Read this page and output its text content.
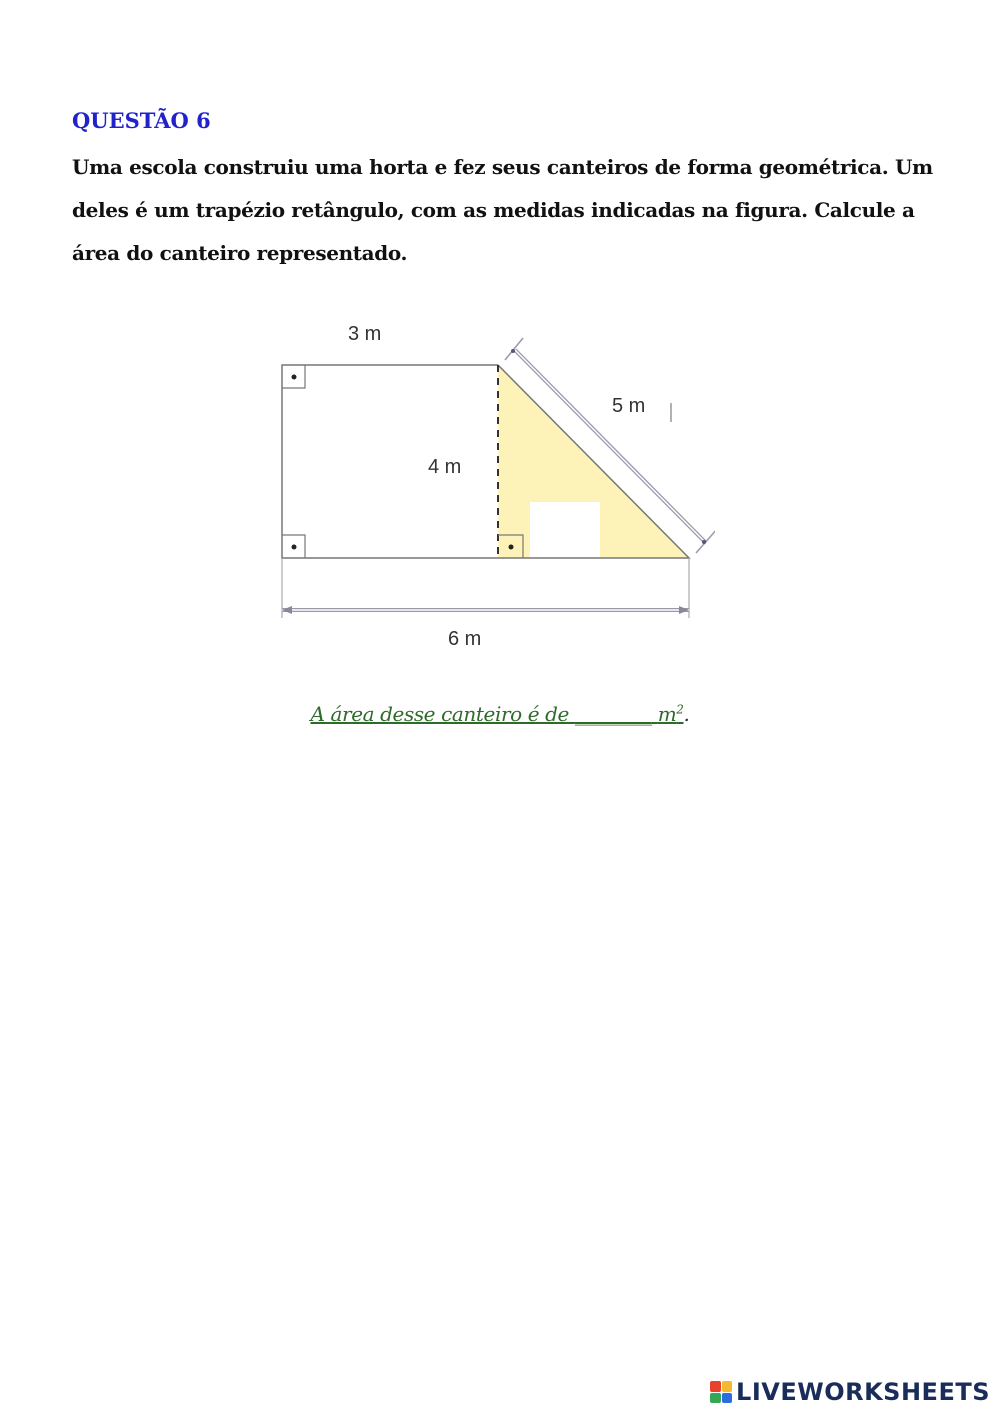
QUESTÃO 6
Uma escola construiu uma horta e fez seus canteiros de forma geométrica. Um deles é um trapézio retângulo, com as medidas indicadas na figura. Calcule a área do canteiro representado.
3 m
4 m
5 m
6 m
A área desse canteiro é de ________ $m^2$.
LIVEWORKSHEETS
